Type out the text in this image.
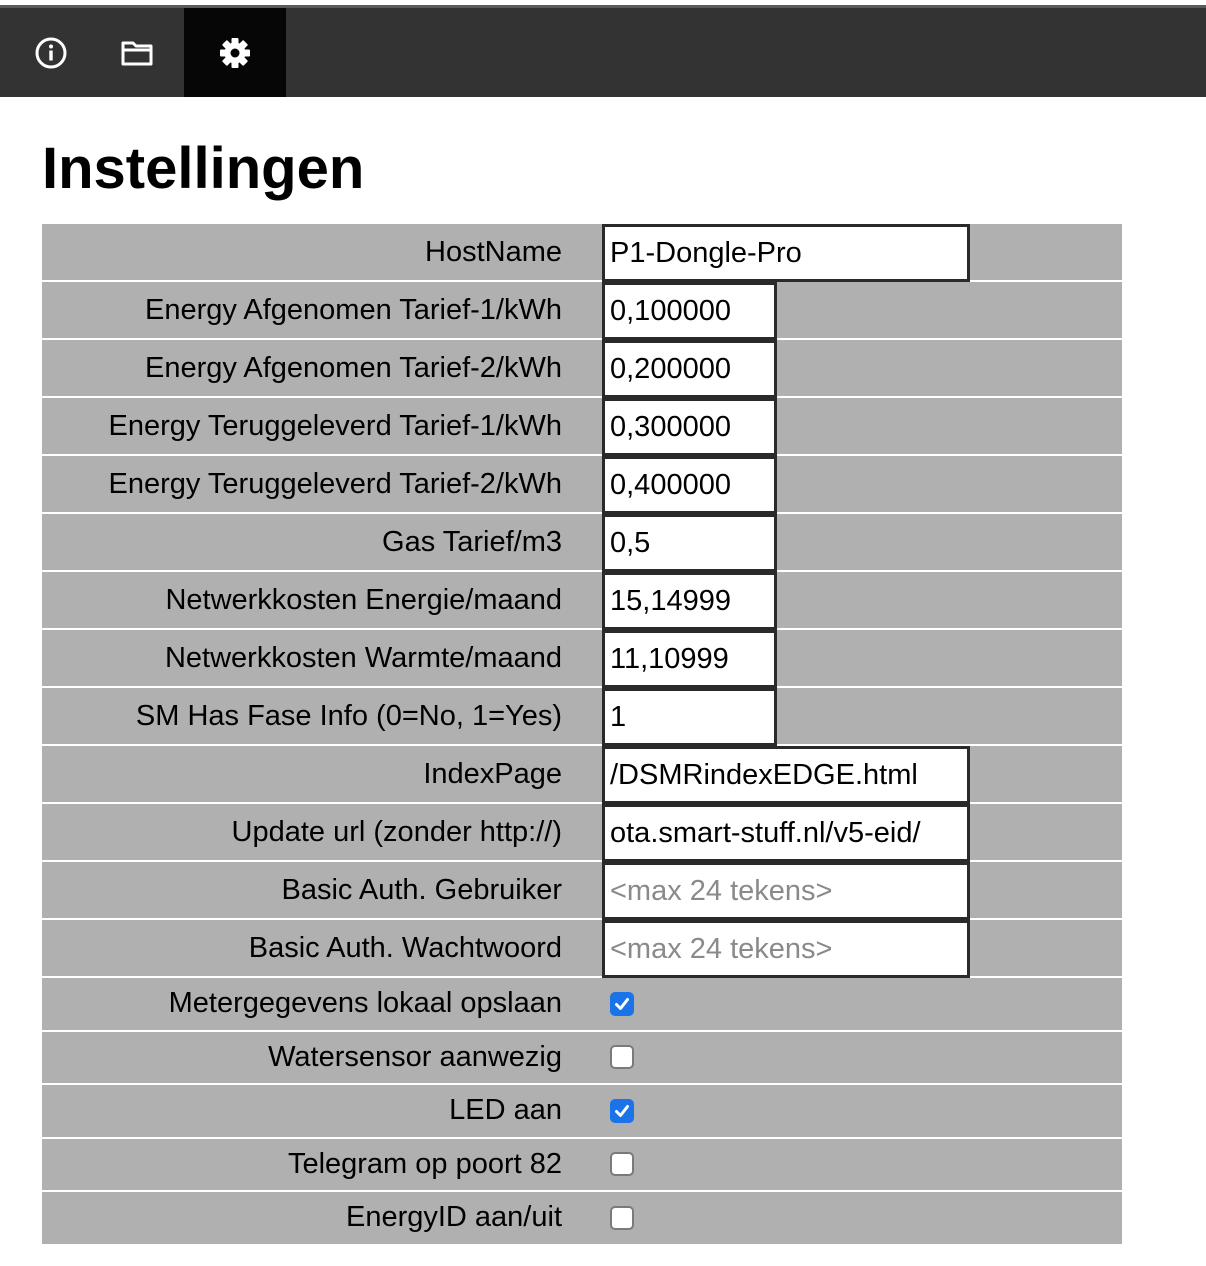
Instellingen
HostName
P1-Dongle-Pro
Energy Afgenomen Tarief-1/kWh
0,100000
Energy Afgenomen Tarief-2/kWh
0,200000
Energy Teruggeleverd Tarief-1/kWh
0,300000
Energy Teruggeleverd Tarief-2/kWh
0,400000
Gas Tarief/m3
0,5
Netwerkkosten Energie/maand
15,14999
Netwerkkosten Warmte/maand
11,10999
SM Has Fase Info (0=No, 1=Yes)
1
IndexPage
/DSMRindexEDGE.html
Update url (zonder http://)
ota.smart-stuff.nl/v5-eid/
Basic Auth. Gebruiker
<max 24 tekens>
Basic Auth. Wachtwoord
<max 24 tekens>
Metergegevens lokaal opslaan
Watersensor aanwezig
LED aan
Telegram op poort 82
EnergyID aan/uit
